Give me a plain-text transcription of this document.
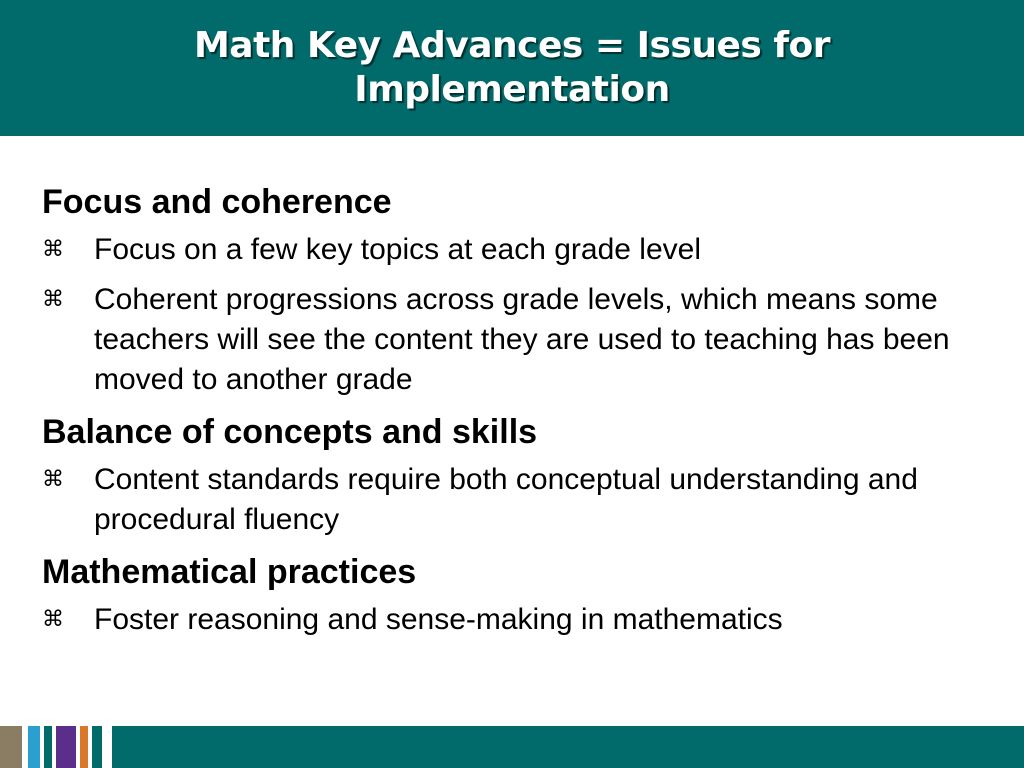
Math Key Advances = Issues for Implementation
Focus and coherence
⌘ Focus on a few key topics at each grade level
⌘ Coherent progressions across grade levels, which means some teachers will see the content they are used to teaching has been moved to another grade
Balance of concepts and skills
⌘ Content standards require both conceptual understanding and procedural fluency
Mathematical practices
⌘ Foster reasoning and sense-making in mathematics
